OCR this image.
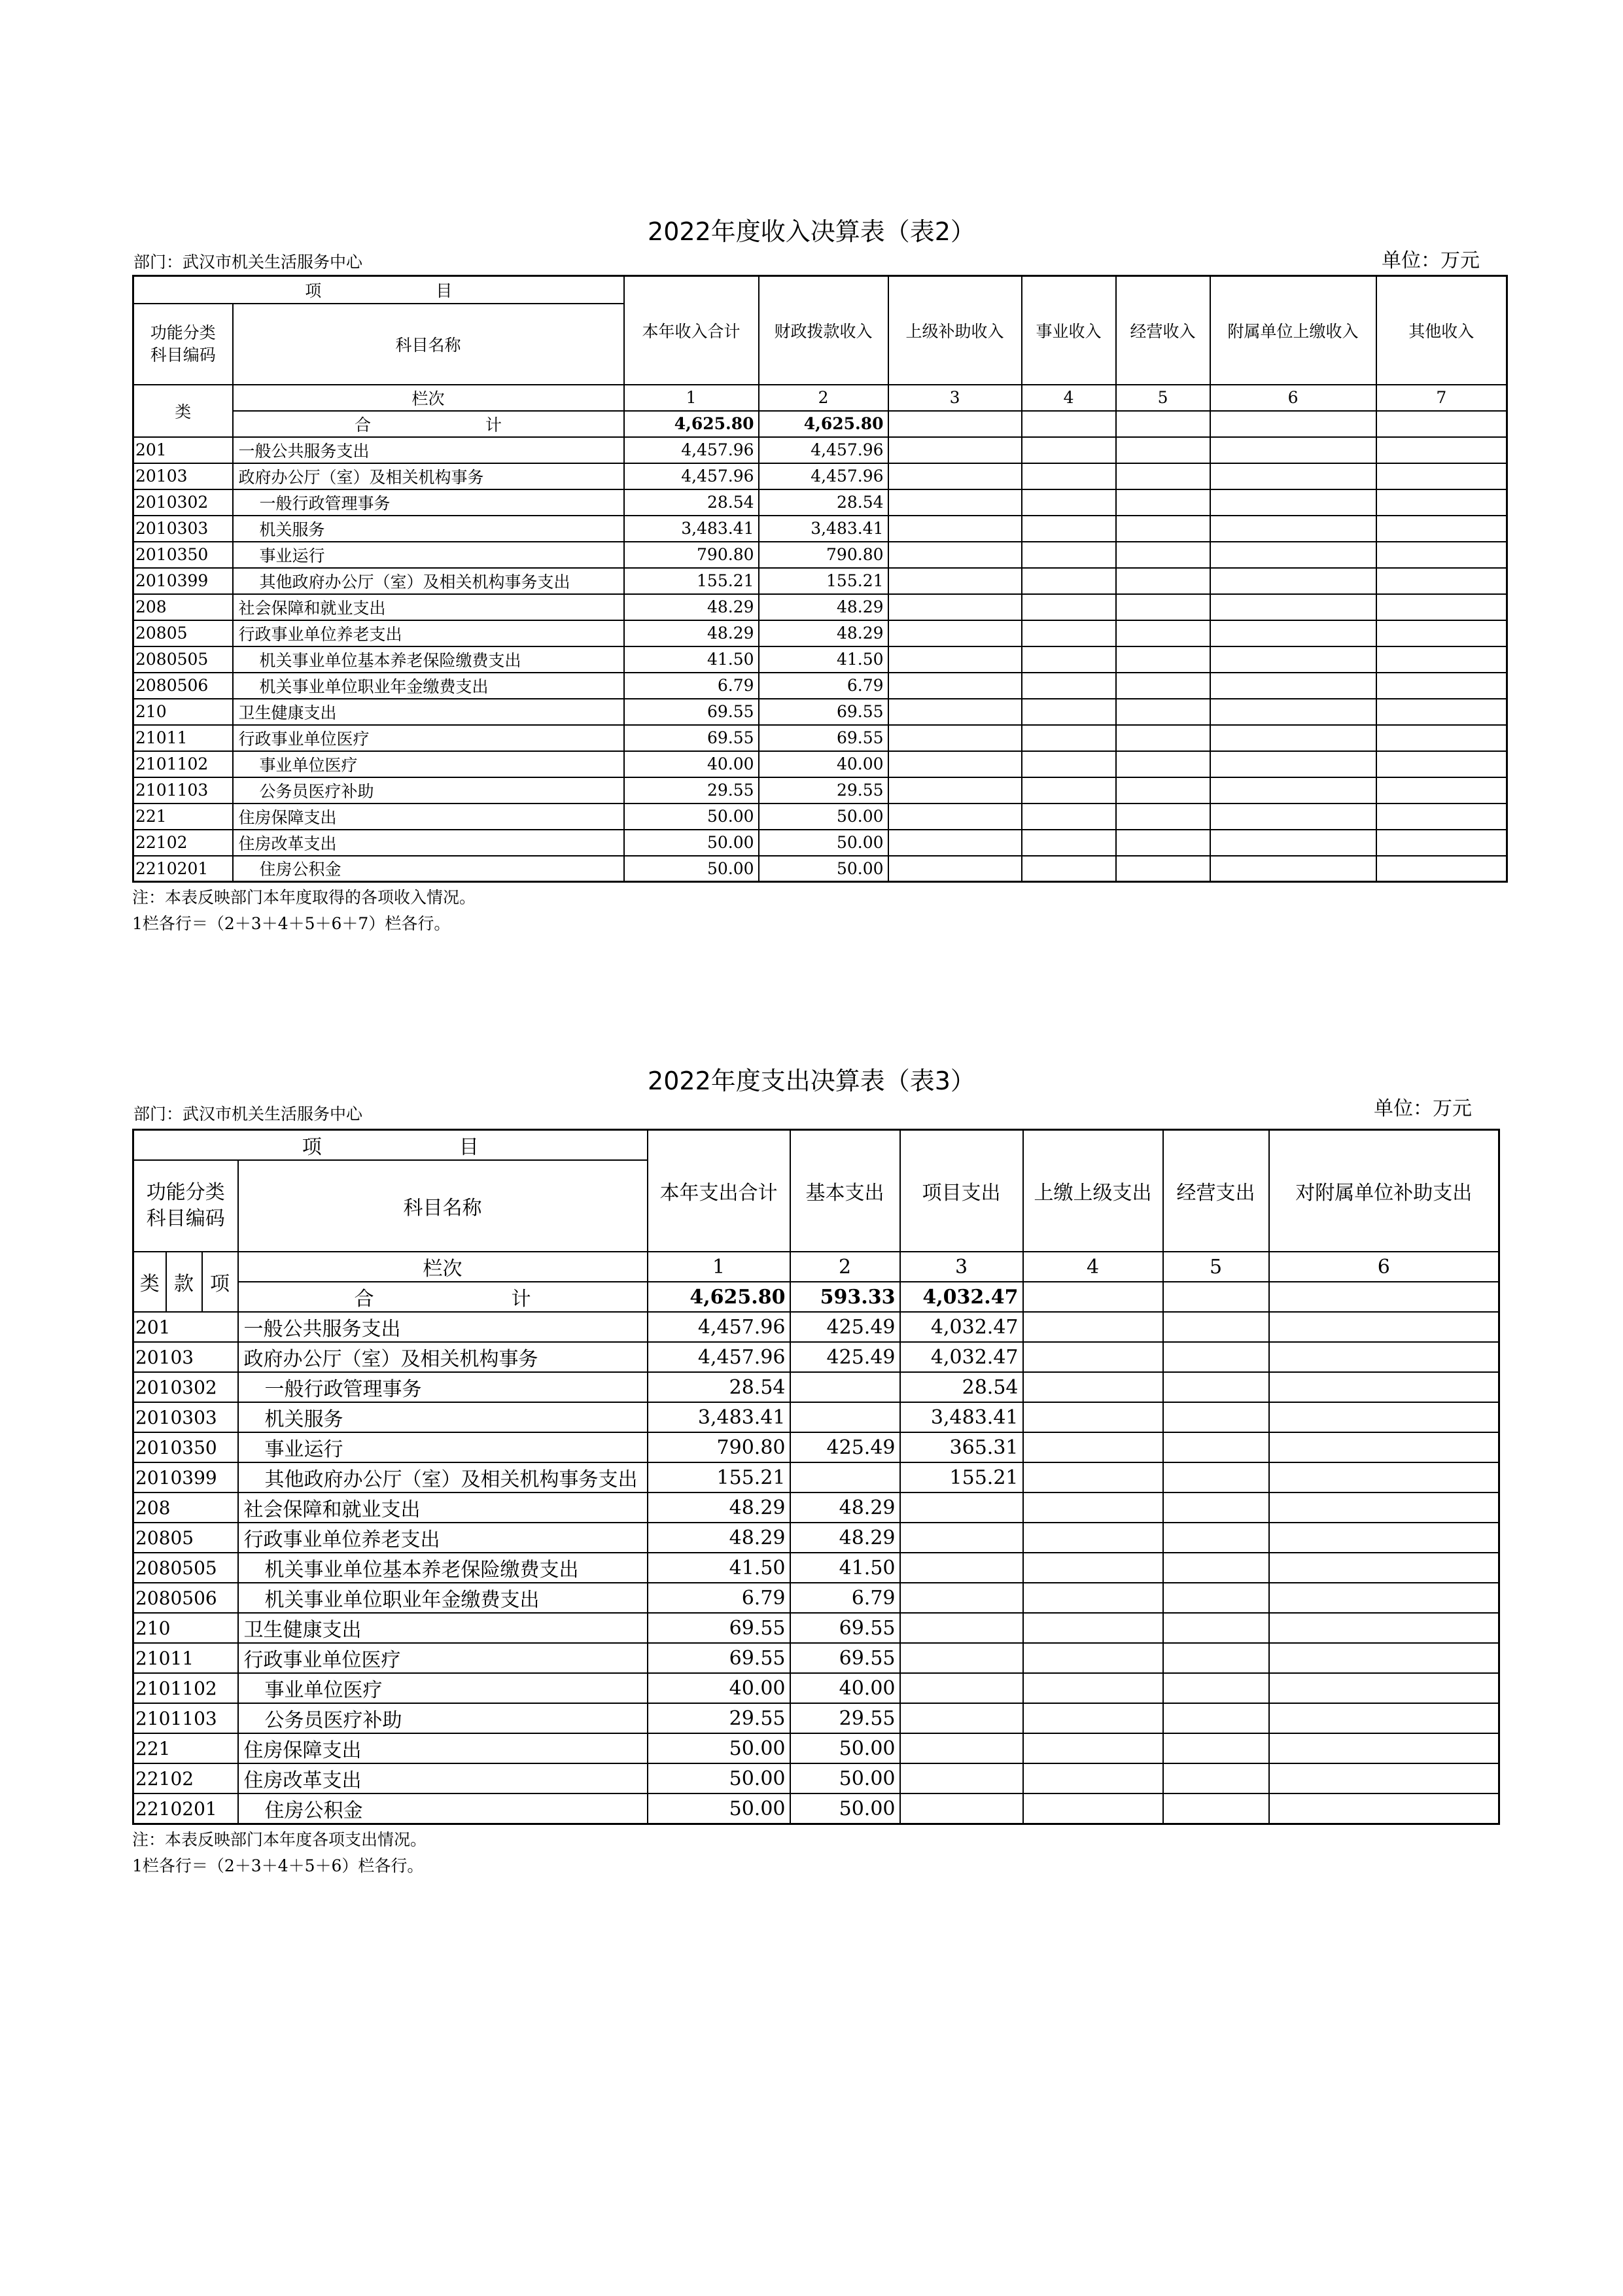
2022年度收入决算表（表2）
部门：武汉市机关生活服务中心	单位：万元
项　　　　　　　目		本年收入合计	财政拨款收入	上级补助收入	事业收入	经营收入	附属单位上缴收入	其他收入
功能分类
科目编码	科目名称							

类	栏次	1	2	3	4	5	6	7
	合　　　　　　　计	4,625.80	4,625.80					
201	一般公共服务支出	4,457.96	4,457.96					
20103	政府办公厅（室）及相关机构事务	4,457.96	4,457.96					
2010302	一般行政管理事务	28.54	28.54					
2010303	机关服务	3,483.41	3,483.41					
2010350	事业运行	790.80	790.80					
2010399	其他政府办公厅（室）及相关机构事务支出	155.21	155.21					
208	社会保障和就业支出	48.29	48.29					
20805	行政事业单位养老支出	48.29	48.29					
2080505	机关事业单位基本养老保险缴费支出	41.50	41.50					
2080506	机关事业单位职业年金缴费支出	6.79	6.79					
210	卫生健康支出	69.55	69.55					
21011	行政事业单位医疗	69.55	69.55					
2101102	事业单位医疗	40.00	40.00					
2101103	公务员医疗补助	29.55	29.55					
221	住房保障支出	50.00	50.00					
22102	住房改革支出	50.00	50.00					
2210201	住房公积金	50.00	50.00					
注：本表反映部门本年度取得的各项收入情况。
1栏各行＝（2＋3＋4＋5＋6＋7）栏各行。
2022年度支出决算表（表3）
部门：武汉市机关生活服务中心	单位：万元
项　　　　　　　目				本年支出合计	基本支出	项目支出	上缴上级支出	经营支出	对附属单位补助支出
功能分类
科目编码			科目名称						

类	款	项	栏次	1	2	3	4	5	6
			合　　　　　　　计	4,625.80	593.33	4,032.47			
201			一般公共服务支出	4,457.96	425.49	4,032.47			
20103			政府办公厅（室）及相关机构事务	4,457.96	425.49	4,032.47			
2010302			一般行政管理事务	28.54		28.54			
2010303			机关服务	3,483.41		3,483.41			
2010350			事业运行	790.80	425.49	365.31			
2010399			其他政府办公厅（室）及相关机构事务支出	155.21		155.21			
208			社会保障和就业支出	48.29	48.29				
20805			行政事业单位养老支出	48.29	48.29				
2080505			机关事业单位基本养老保险缴费支出	41.50	41.50				
2080506			机关事业单位职业年金缴费支出	6.79	6.79				
210			卫生健康支出	69.55	69.55				
21011			行政事业单位医疗	69.55	69.55				
2101102			事业单位医疗	40.00	40.00				
2101103			公务员医疗补助	29.55	29.55				
221			住房保障支出	50.00	50.00				
22102			住房改革支出	50.00	50.00				
2210201			住房公积金	50.00	50.00				
注：本表反映部门本年度各项支出情况。
1栏各行＝（2＋3＋4＋5＋6）栏各行。
